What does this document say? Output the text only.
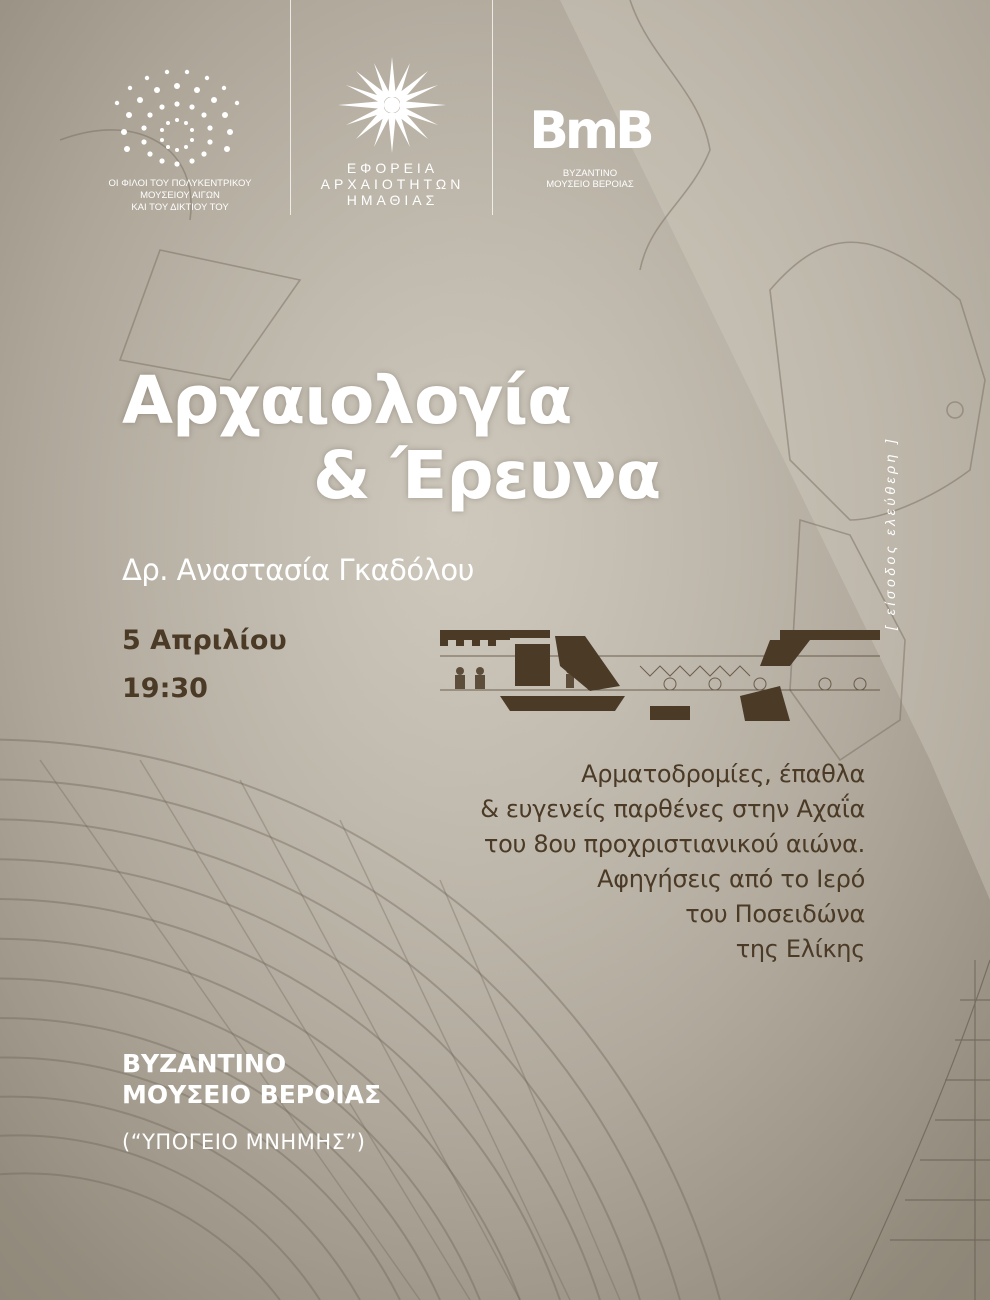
ΟΙ ΦΙΛΟΙ ΤΟΥ ΠΟΛΥΚΕΝΤΡΙΚΟΥ
ΜΟΥΣΕΙΟΥ ΑΙΓΩΝ
ΚΑΙ ΤΟΥ ΔΙΚΤΙΟΥ ΤΟΥ
ΕΦΟΡΕΙΑ
ΑΡΧΑΙΟΤΗΤΩΝ
ΗΜΑΘΙΑΣ
BmB
ΒΥΖΑΝΤΙΝΟ
ΜΟΥΣΕΙΟ ΒΕΡΟΙΑΣ
Αρχαιολογία
& Έρευνα
Δρ. Αναστασία Γκαδόλου
5 Απριλίου
19:30
Αρματοδρομίες, έπαθλα
& ευγενείς παρθένες στην Αχαΐα
του 8ου προχριστιανικού αιώνα.
Αφηγήσεις από το Ιερό
του Ποσειδώνα
της Ελίκης
ΒΥΖΑΝΤΙΝΟ
ΜΟΥΣΕΙΟ ΒΕΡΟΙΑΣ
(“ΥΠΟΓΕΙΟ ΜΝΗΜΗΣ”)
[ είσοδος ελεύθερη ]
